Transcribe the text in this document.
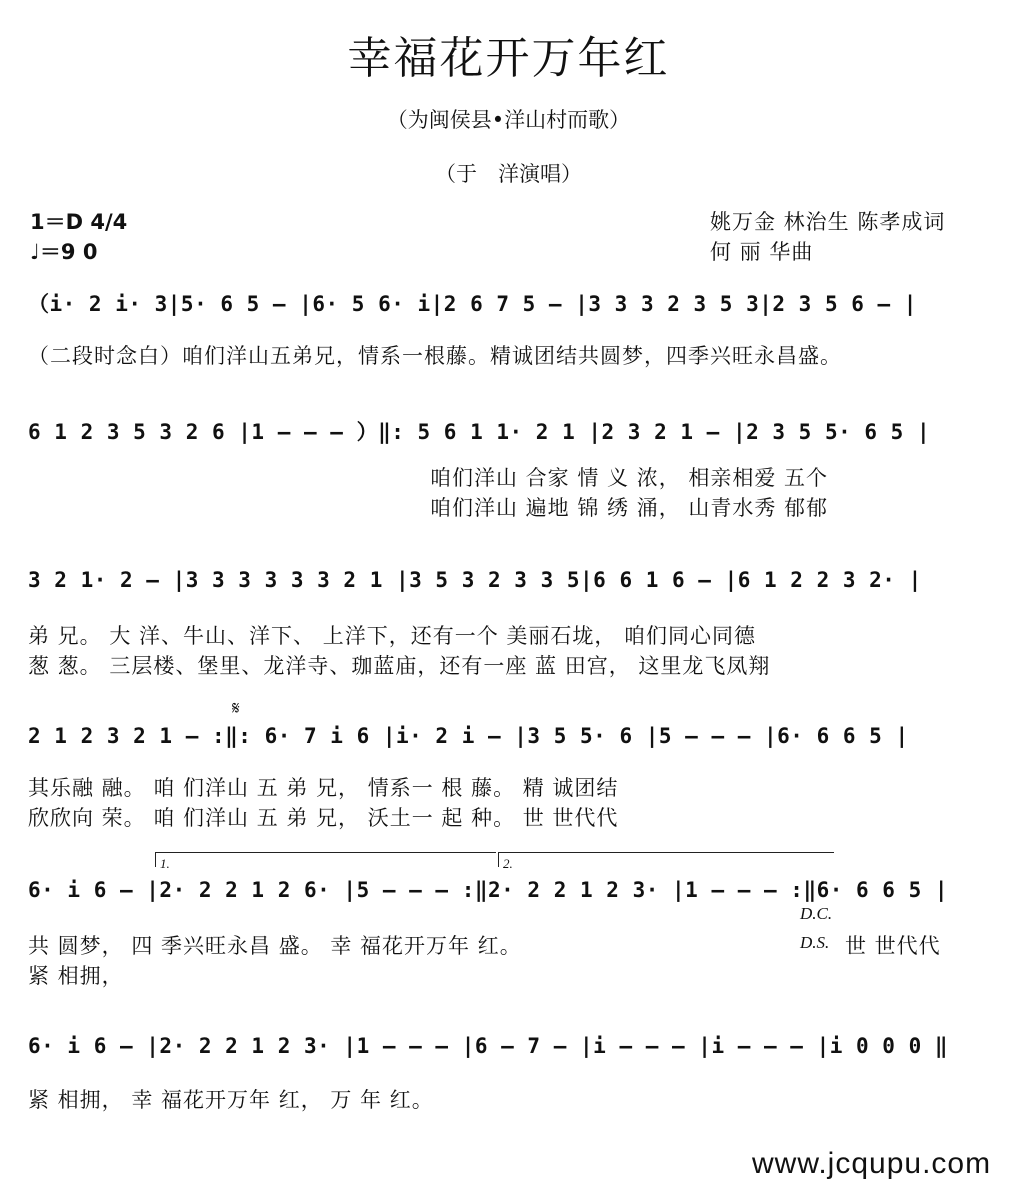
幸福花开万年红
（为闽侯县•洋山村而歌）
（于　洋演唱）
1＝D 4/4
♩＝9 0
姚万金 林治生 陈孝成词
何 丽 华曲
（i· 2 i· 3|5· 6 5 — |6· 5 6· i|2 6 7 5 — |3 3 3 2 3 5 3|2 3 5 6 — |
（二段时念白）咱们洋山五弟兄，情系一根藤。精诚团结共圆梦，四季兴旺永昌盛。
6 1 2 3 5 3 2 6 |1 — — — ）‖: 5 6 1 1· 2 1 |2 3 2 1 — |2 3 5 5· 6 5 |
咱们洋山 合家 情 义 浓， 相亲相爱 五个
咱们洋山 遍地 锦 绣 涌， 山青水秀 郁郁
3 2 1· 2 — |3 3 3 3 3 3 2 1 |3 5 3 2 3 3 5|6 6 1 6 — |6 1 2 2 3 2· |
弟 兄。 大 洋、牛山、洋下、 上洋下，还有一个 美丽石垅， 咱们同心同德
葱 葱。 三层楼、堡里、龙洋寺、珈蓝庙，还有一座 蓝 田宫， 这里龙飞凤翔
𝄋
2 1 2 3 2 1 — :‖: 6· 7 i 6 |i· 2 i — |3 5 5· 6 |5 — — — |6· 6 6 5 |
其乐融 融。 咱 们洋山 五 弟 兄， 情系一 根 藤。 精 诚团结
欣欣向 荣。 咱 们洋山 五 弟 兄， 沃土一 起 种。 世 世代代
1.	2.
6· i 6 — |2· 2 2 1 2 6· |5 — — — :‖2· 2 2 1 2 3· |1 — — — :‖6· 6 6 5 |
D.C.
共 圆梦， 四 季兴旺永昌 盛。 幸 福花开万年 红。	D.S. 世 世代代
紧 相拥，
6· i 6 — |2· 2 2 1 2 3· |1 — — — |6 — 7 — |i — — — |i — — — |i 0 0 0 ‖
紧 相拥， 幸 福花开万年 红， 万 年 红。
www.jcqupu.com
